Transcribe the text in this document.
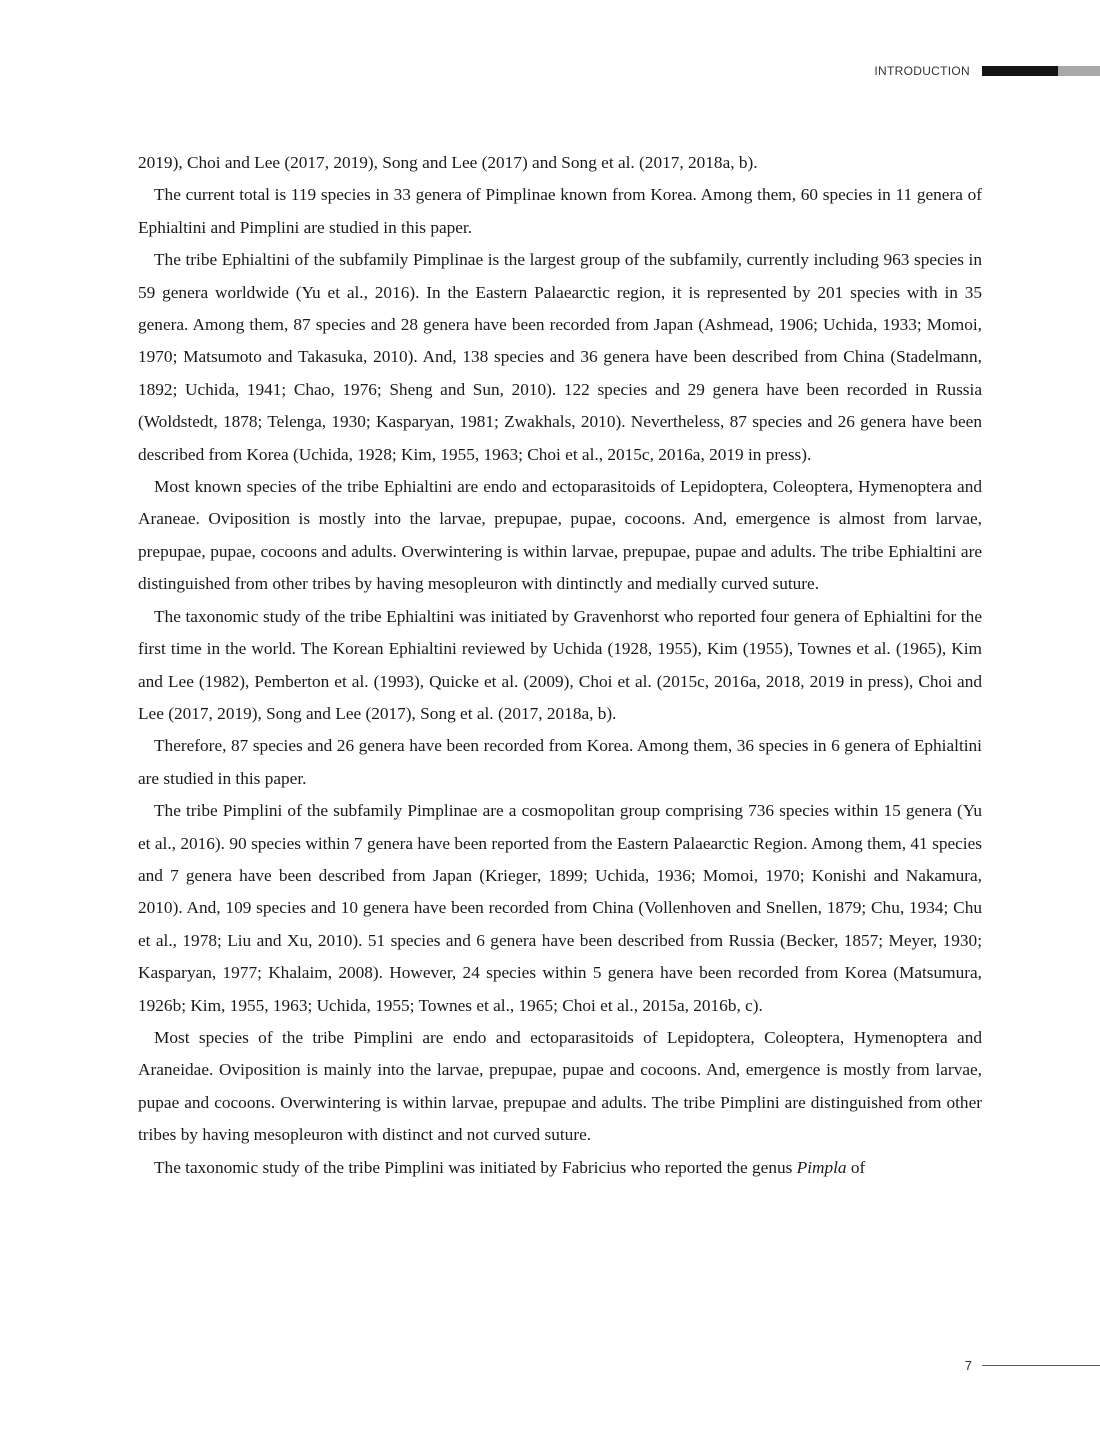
INTRODUCTION

2019), Choi and Lee (2017, 2019), Song and Lee (2017) and Song et al. (2017, 2018a, b).

The current total is 119 species in 33 genera of Pimplinae known from Korea. Among them, 60 species in 11 genera of Ephialtini and Pimplini are studied in this paper.

The tribe Ephialtini of the subfamily Pimplinae is the largest group of the subfamily, currently including 963 species in 59 genera worldwide (Yu et al., 2016). In the Eastern Palaearctic region, it is represented by 201 species with in 35 genera. Among them, 87 species and 28 genera have been recorded from Japan (Ashmead, 1906; Uchida, 1933; Momoi, 1970; Matsumoto and Takasuka, 2010). And, 138 species and 36 genera have been described from China (Stadelmann, 1892; Uchida, 1941; Chao, 1976; Sheng and Sun, 2010). 122 species and 29 genera have been recorded in Russia (Woldstedt, 1878; Telenga, 1930; Kasparyan, 1981; Zwakhals, 2010). Nevertheless, 87 species and 26 genera have been described from Korea (Uchida, 1928; Kim, 1955, 1963; Choi et al., 2015c, 2016a, 2019 in press).

Most known species of the tribe Ephialtini are endo and ectoparasitoids of Lepidoptera, Coleoptera, Hymenoptera and Araneae. Oviposition is mostly into the larvae, prepupae, pupae, cocoons. And, emergence is almost from larvae, prepupae, pupae, cocoons and adults. Overwintering is within larvae, prepupae, pupae and adults. The tribe Ephialtini are distinguished from other tribes by having mesopleuron with dintinctly and medially curved suture.

The taxonomic study of the tribe Ephialtini was initiated by Gravenhorst who reported four genera of Ephialtini for the first time in the world. The Korean Ephialtini reviewed by Uchida (1928, 1955), Kim (1955), Townes et al. (1965), Kim and Lee (1982), Pemberton et al. (1993), Quicke et al. (2009), Choi et al. (2015c, 2016a, 2018, 2019 in press), Choi and Lee (2017, 2019), Song and Lee (2017), Song et al. (2017, 2018a, b).

Therefore, 87 species and 26 genera have been recorded from Korea. Among them, 36 species in 6 genera of Ephialtini are studied in this paper.

The tribe Pimplini of the subfamily Pimplinae are a cosmopolitan group comprising 736 species within 15 genera (Yu et al., 2016). 90 species within 7 genera have been reported from the Eastern Palaearctic Region. Among them, 41 species and 7 genera have been described from Japan (Krieger, 1899; Uchida, 1936; Momoi, 1970; Konishi and Nakamura, 2010). And, 109 species and 10 genera have been recorded from China (Vollenhoven and Snellen, 1879; Chu, 1934; Chu et al., 1978; Liu and Xu, 2010). 51 species and 6 genera have been described from Russia (Becker, 1857; Meyer, 1930; Kasparyan, 1977; Khalaim, 2008). However, 24 species within 5 genera have been recorded from Korea (Matsumura, 1926b; Kim, 1955, 1963; Uchida, 1955; Townes et al., 1965; Choi et al., 2015a, 2016b, c).

Most species of the tribe Pimplini are endo and ectoparasitoids of Lepidoptera, Coleoptera, Hymenoptera and Araneidae. Oviposition is mainly into the larvae, prepupae, pupae and cocoons. And, emergence is mostly from larvae, pupae and cocoons. Overwintering is within larvae, prepupae and adults. The tribe Pimplini are distinguished from other tribes by having mesopleuron with distinct and not curved suture.

The taxonomic study of the tribe Pimplini was initiated by Fabricius who reported the genus Pimpla of

7
